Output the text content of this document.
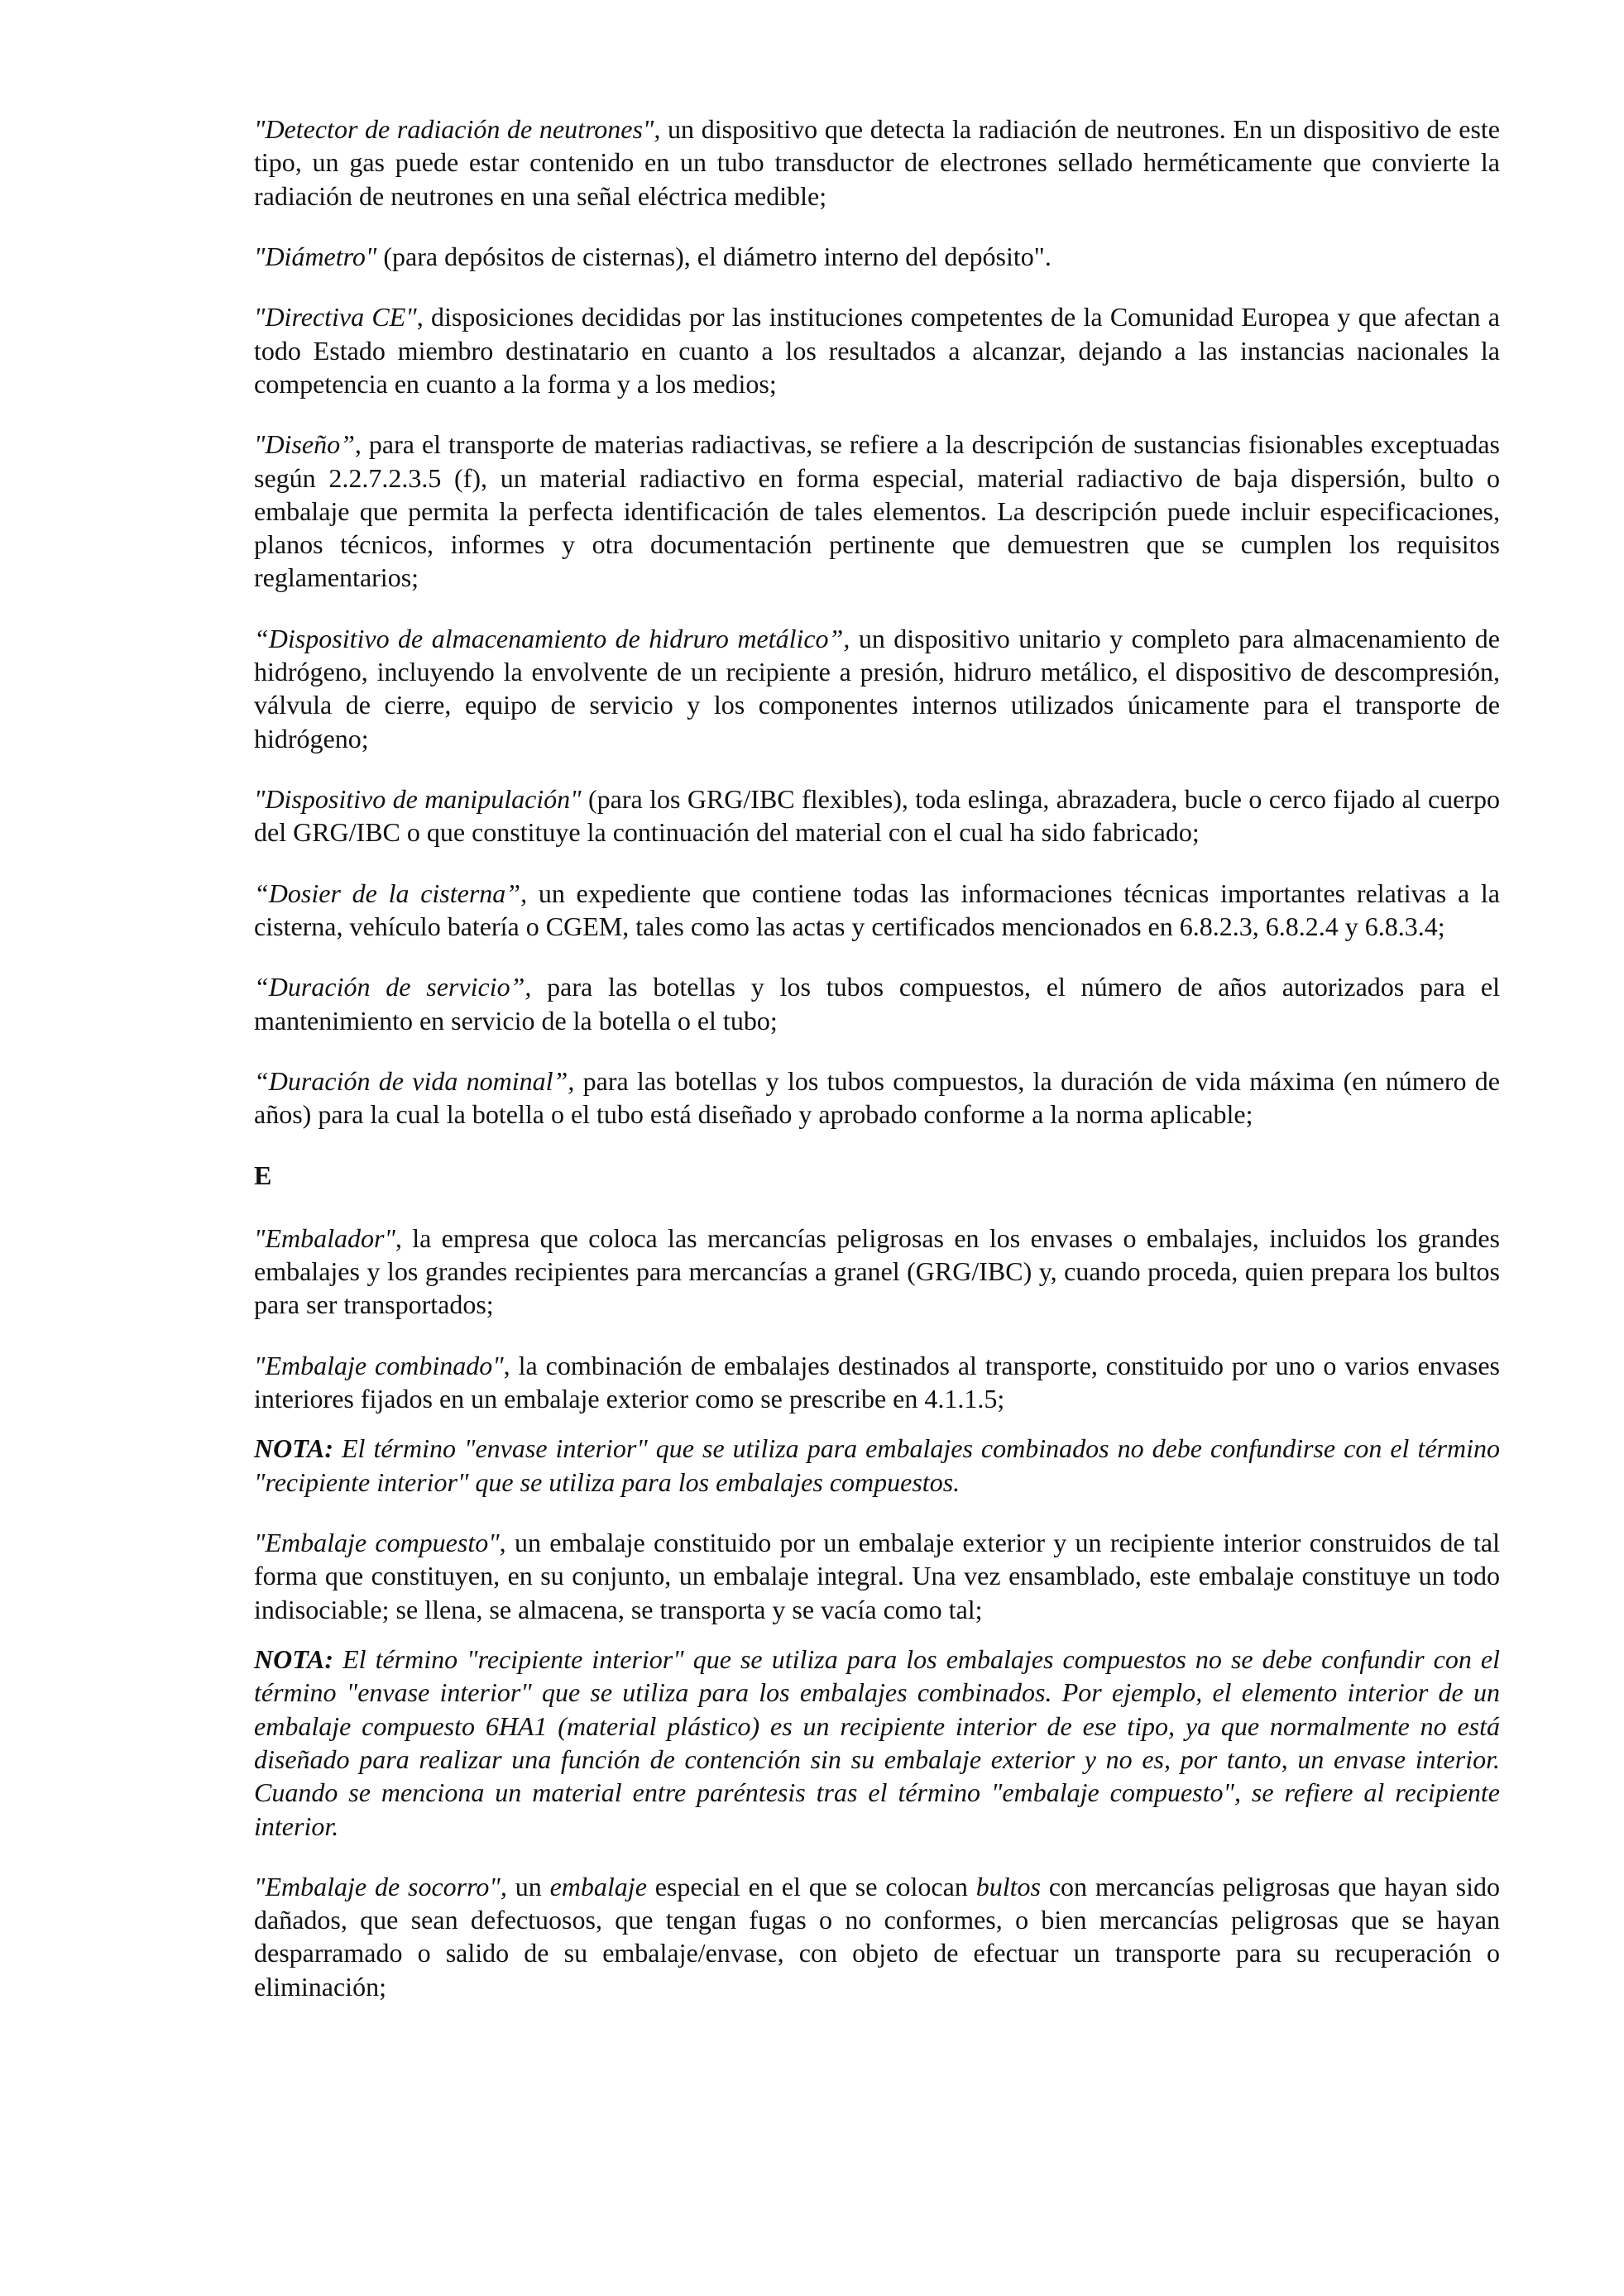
"Detector de radiación de neutrones", un dispositivo que detecta la radiación de neutrones. En un dispositivo de este tipo, un gas puede estar contenido en un tubo transductor de electrones sellado herméticamente que convierte la radiación de neutrones en una señal eléctrica medible;

"Diámetro" (para depósitos de cisternas), el diámetro interno del depósito".

"Directiva CE", disposiciones decididas por las instituciones competentes de la Comunidad Europea y que afectan a todo Estado miembro destinatario en cuanto a los resultados a alcanzar, dejando a las instancias nacionales la competencia en cuanto a la forma y a los medios;

"Diseño”, para el transporte de materias radiactivas, se refiere a la descripción de sustancias fisionables exceptuadas según 2.2.7.2.3.5 (f), un material radiactivo en forma especial, material radiactivo de baja dispersión, bulto o embalaje que permita la perfecta identificación de tales elementos. La descripción puede incluir especificaciones, planos técnicos, informes y otra documentación pertinente que demuestren que se cumplen los requisitos reglamentarios;

“Dispositivo de almacenamiento de hidruro metálico”, un dispositivo unitario y completo para almacenamiento de hidrógeno, incluyendo la envolvente de un recipiente a presión, hidruro metálico, el dispositivo de descompresión, válvula de cierre, equipo de servicio y los componentes internos utilizados únicamente para el transporte de hidrógeno;

"Dispositivo de manipulación" (para los GRG/IBC flexibles), toda eslinga, abrazadera, bucle o cerco fijado al cuerpo del GRG/IBC o que constituye la continuación del material con el cual ha sido fabricado;

“Dosier de la cisterna”, un expediente que contiene todas las informaciones técnicas importantes relativas a la cisterna, vehículo batería o CGEM, tales como las actas y certificados mencionados en 6.8.2.3, 6.8.2.4 y 6.8.3.4;

“Duración de servicio”, para las botellas y los tubos compuestos, el número de años autorizados para el mantenimiento en servicio de la botella o el tubo;

“Duración de vida nominal”, para las botellas y los tubos compuestos, la duración de vida máxima (en número de años) para la cual la botella o el tubo está diseñado y aprobado conforme a la norma aplicable;

E

"Embalador", la empresa que coloca las mercancías peligrosas en los envases o embalajes, incluidos los grandes embalajes y los grandes recipientes para mercancías a granel (GRG/IBC) y, cuando proceda, quien prepara los bultos para ser transportados;

"Embalaje combinado", la combinación de embalajes destinados al transporte, constituido por uno o varios envases interiores fijados en un embalaje exterior como se prescribe en 4.1.1.5;

NOTA: El término "envase interior" que se utiliza para embalajes combinados no debe confundirse con el término "recipiente interior" que se utiliza para los embalajes compuestos.

"Embalaje compuesto", un embalaje constituido por un embalaje exterior y un recipiente interior construidos de tal forma que constituyen, en su conjunto, un embalaje integral. Una vez ensamblado, este embalaje constituye un todo indisociable; se llena, se almacena, se transporta y se vacía como tal;

NOTA: El término "recipiente interior" que se utiliza para los embalajes compuestos no se debe confundir con el término "envase interior" que se utiliza para los embalajes combinados. Por ejemplo, el elemento interior de un embalaje compuesto 6HA1 (material plástico) es un recipiente interior de ese tipo, ya que normalmente no está diseñado para realizar una función de contención sin su embalaje exterior y no es, por tanto, un envase interior. Cuando se menciona un material entre paréntesis tras el término "embalaje compuesto", se refiere al recipiente interior.

"Embalaje de socorro", un embalaje especial en el que se colocan bultos con mercancías peligrosas que hayan sido dañados, que sean defectuosos, que tengan fugas o no conformes, o bien mercancías peligrosas que se hayan desparramado o salido de su embalaje/envase, con objeto de efectuar un transporte para su recuperación o eliminación;
